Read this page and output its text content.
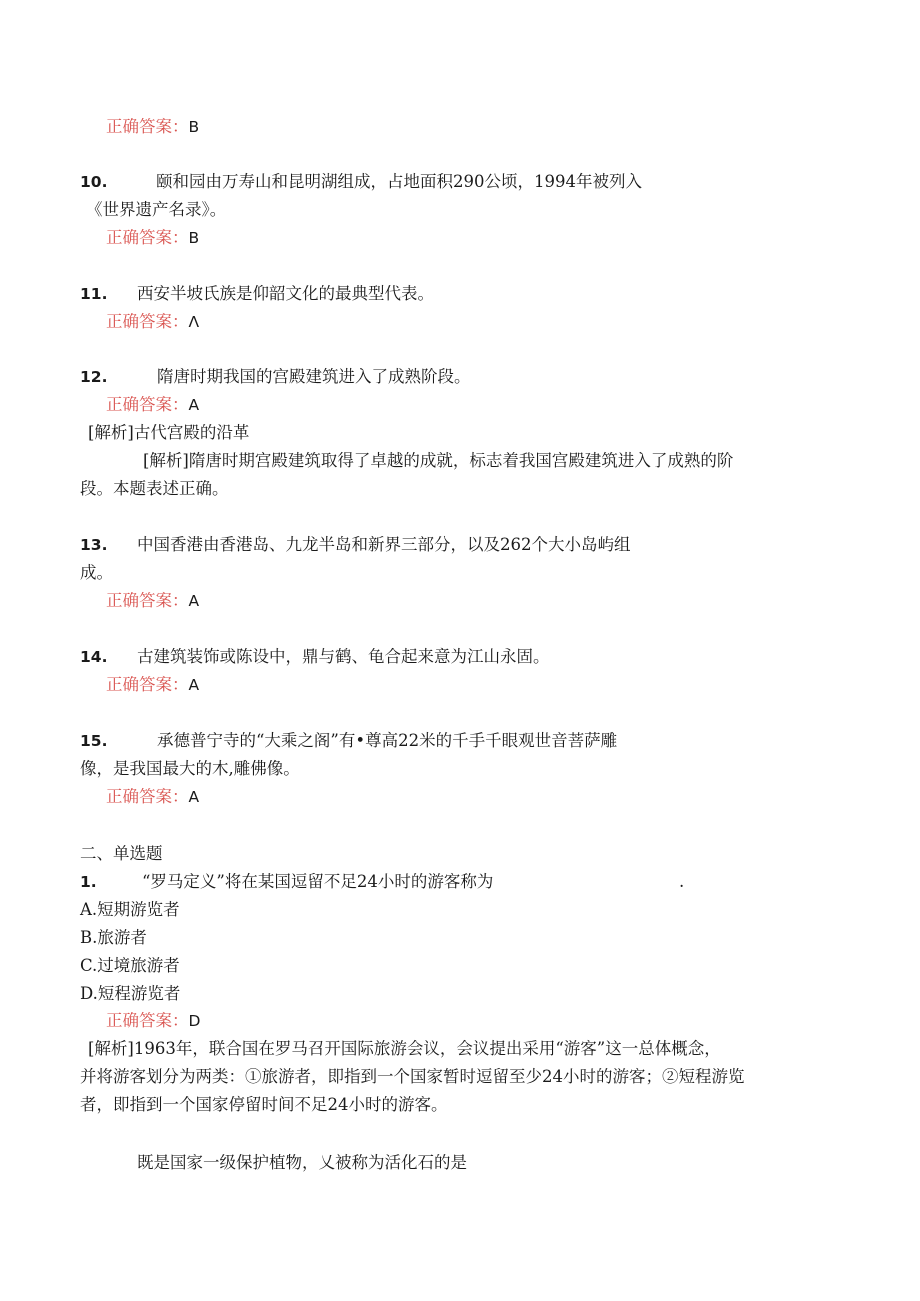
正确答案：B
10.	颐和园由万寿山和昆明湖组成，占地面积290公顷，1994年被列入
《世界遗产名录》。
正确答案：B
11. 西安半坡氏族是仰韶文化的最典型代表。
正确答案：Λ
12.	隋唐时期我国的宫殿建筑进入了成熟阶段。
正确答案：A
[解析]古代宫殿的沿革
[解析]隋唐时期宫殿建筑取得了卓越的成就，标志着我国宫殿建筑进入了成熟的阶
段。本题表述正确。
13. 中国香港由香港岛、九龙半岛和新界三部分，以及262个大小岛屿组
成。
正确答案：A
14. 古建筑装饰或陈设中，鼎与鹤、龟合起来意为江山永固。
正确答案：A
15.	承德普宁寺的“大乘之阁”有•尊高22米的千手千眼观世音菩萨雕
像，是我国最大的木,雕佛像。
正确答案：A
二、单选题
1.	“罗马定义”将在某国逗留不足24小时的游客称为	.
A.短期游览者
B.旅游者
C.过境旅游者
D.短程游览者
正确答案：D
[解析]1963年，联合国在罗马召开国际旅游会议，会议提出采用“游客”这一总体概念，
并将游客划分为两类：①旅游者，即指到一个国家暂时逗留至少24小时的游客；②短程游览
者，即指到一个国家停留时间不足24小时的游客。
既是国家一级保护植物，乂被称为活化石的是
